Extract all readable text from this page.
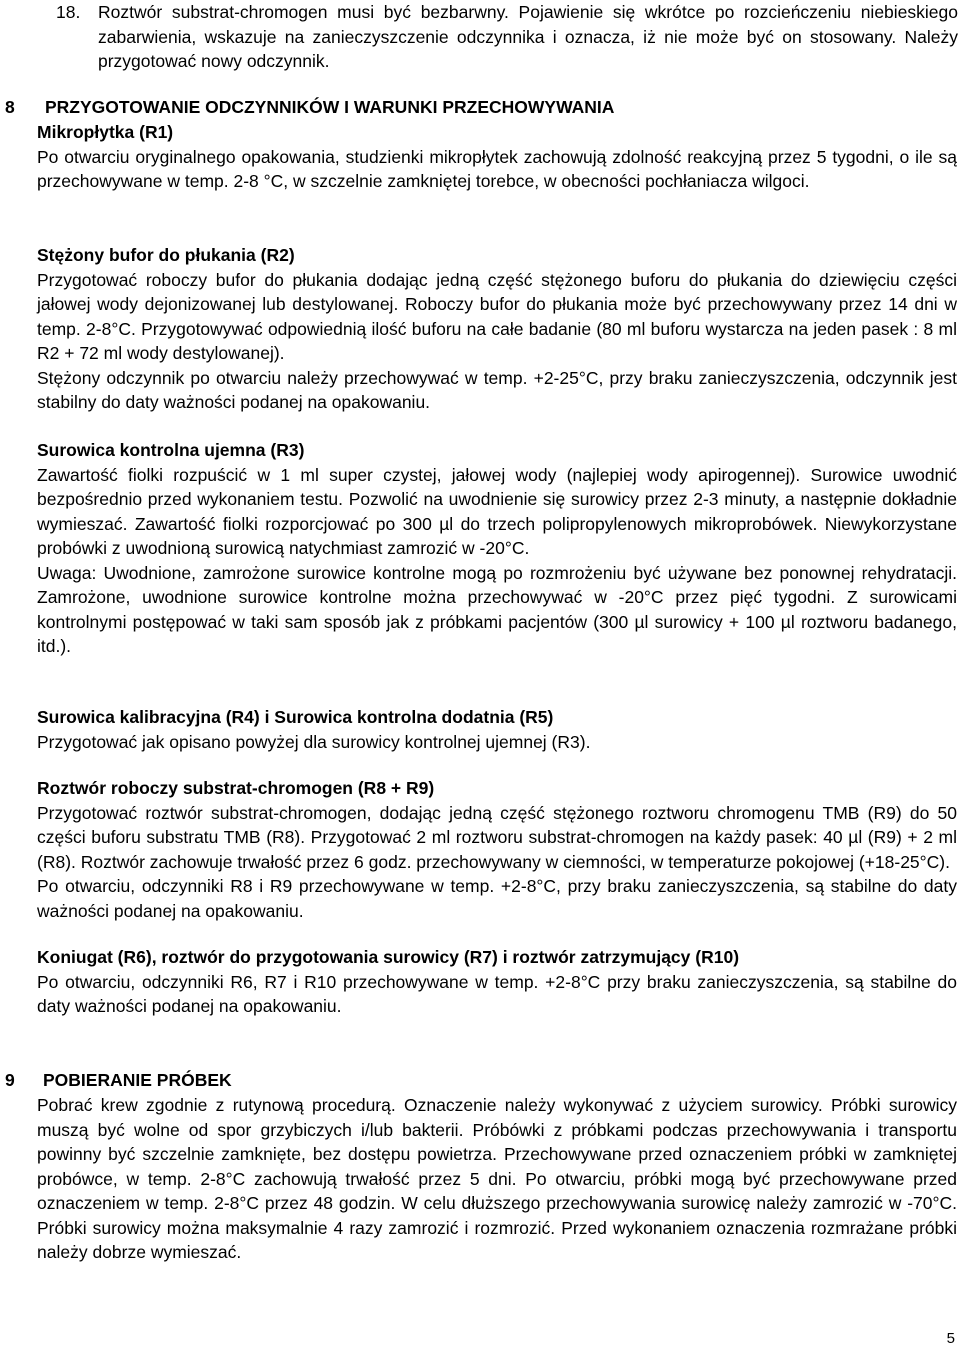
18. Roztwór substrat-chromogen musi być bezbarwny. Pojawienie się wkrótce po rozcieńczeniu niebieskiego zabarwienia, wskazuje na zanieczyszczenie odczynnika i oznacza, iż nie może być on stosowany. Należy przygotować nowy odczynnik.

8 PRZYGOTOWANIE ODCZYNNIKÓW I WARUNKI PRZECHOWYWANIA

Mikropłytka (R1)

Po otwarciu oryginalnego opakowania, studzienki mikropłytek zachowują zdolność reakcyjną przez 5 tygodni, o ile są przechowywane w temp. 2-8 °C, w szczelnie zamkniętej torebce, w obecności pochłaniacza wilgoci.

Stężony bufor do płukania (R2)

Przygotować roboczy bufor do płukania dodając jedną część stężonego buforu do płukania do dziewięciu części jałowej wody dejonizowanej lub destylowanej. Roboczy bufor do płukania może być przechowywany przez 14 dni w temp. 2-8°C. Przygotowywać odpowiednią ilość buforu na całe badanie (80 ml buforu wystarcza na jeden pasek : 8 ml R2 + 72 ml wody destylowanej).

Stężony odczynnik po otwarciu należy przechowywać w temp. +2-25°C, przy braku zanieczyszczenia, odczynnik jest stabilny do daty ważności podanej na opakowaniu.

Surowica kontrolna ujemna (R3)

Zawartość fiolki rozpuścić w 1 ml super czystej, jałowej wody (najlepiej wody apirogennej). Surowice uwodnić bezpośrednio przed wykonaniem testu. Pozwolić na uwodnienie się surowicy przez 2-3 minuty, a następnie dokładnie wymieszać. Zawartość fiolki rozporcjować po 300 µl do trzech polipropylenowych mikroprobówek. Niewykorzystane probówki z uwodnioną surowicą natychmiast zamrozić w -20°C.

Uwaga: Uwodnione, zamrożone surowice kontrolne mogą po rozmrożeniu być używane bez ponownej rehydratacji. Zamrożone, uwodnione surowice kontrolne można przechowywać w -20°C przez pięć tygodni. Z surowicami kontrolnymi postępować w taki sam sposób jak z próbkami pacjentów (300 µl surowicy + 100 µl roztworu badanego, itd.).

Surowica kalibracyjna (R4) i Surowica kontrolna dodatnia (R5)

Przygotować jak opisano powyżej dla surowicy kontrolnej ujemnej (R3).

Roztwór roboczy substrat-chromogen (R8 + R9)

Przygotować roztwór substrat-chromogen, dodając jedną część stężonego roztworu chromogenu TMB (R9) do 50 części buforu substratu TMB (R8). Przygotować 2 ml roztworu substrat-chromogen na każdy pasek: 40 µl (R9) + 2 ml (R8). Roztwór zachowuje trwałość przez 6 godz. przechowywany w ciemności, w temperaturze pokojowej (+18-25°C).

Po otwarciu, odczynniki R8 i R9 przechowywane w temp. +2-8°C, przy braku zanieczyszczenia, są stabilne do daty ważności podanej na opakowaniu.

Koniugat (R6), roztwór do przygotowania surowicy (R7) i roztwór zatrzymujący (R10)

Po otwarciu, odczynniki R6, R7 i R10 przechowywane w temp. +2-8°C przy braku zanieczyszczenia, są stabilne do daty ważności podanej na opakowaniu.

9 POBIERANIE PRÓBEK

Pobrać krew zgodnie z rutynową procedurą. Oznaczenie należy wykonywać z użyciem surowicy. Próbki surowicy muszą być wolne od spor grzybiczych i/lub bakterii. Próbówki z próbkami podczas przechowywania i transportu powinny być szczelnie zamknięte, bez dostępu powietrza. Przechowywane przed oznaczeniem próbki w zamkniętej probówce, w temp. 2-8°C zachowują trwałość przez 5 dni. Po otwarciu, próbki mogą być przechowywane przed oznaczeniem w temp. 2-8°C przez 48 godzin. W celu dłuższego przechowywania surowicę należy zamrozić w -70°C. Próbki surowicy można maksymalnie 4 razy zamrozić i rozmrozić. Przed wykonaniem oznaczenia rozmrażane próbki należy dobrze wymieszać.

5
